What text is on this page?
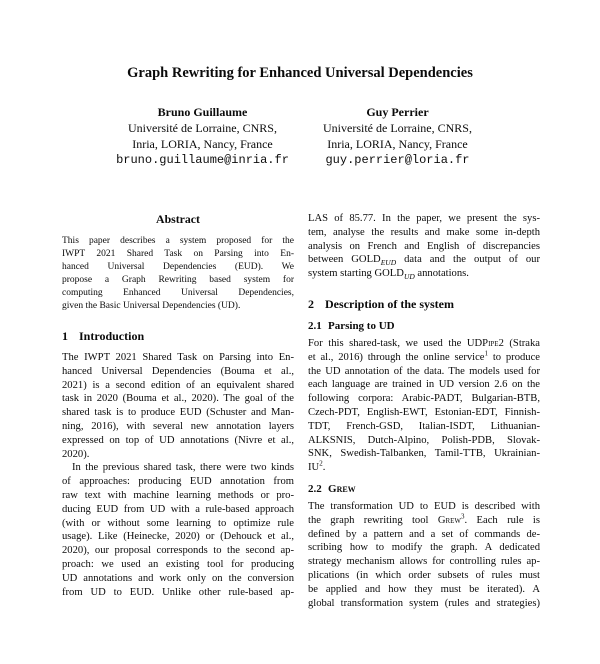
Graph Rewriting for Enhanced Universal Dependencies
Bruno Guillaume
Université de Lorraine, CNRS,
Inria, LORIA, Nancy, France
bruno.guillaume@inria.fr
Guy Perrier
Université de Lorraine, CNRS,
Inria, LORIA, Nancy, France
guy.perrier@loria.fr
Abstract
This paper describes a system proposed for the
IWPT 2021 Shared Task on Parsing into En-
hanced Universal Dependencies (EUD). We
propose a Graph Rewriting based system for
computing Enhanced Universal Dependencies,
given the Basic Universal Dependencies (UD).
1 Introduction
The IWPT 2021 Shared Task on Parsing into En-
hanced Universal Dependencies (Bouma et al.,
2021) is a second edition of an equivalent shared
task in 2020 (Bouma et al., 2020). The goal of the
shared task is to produce EUD (Schuster and Man-
ning, 2016), with several new annotation layers
expressed on top of UD annotations (Nivre et al.,
2020).
In the previous shared task, there were two kinds
of approaches: producing EUD annotation from
raw text with machine learning methods or pro-
ducing EUD from UD with a rule-based approach
(with or without some learning to optimize rule
usage). Like (Heinecke, 2020) or (Dehouck et al.,
2020), our proposal corresponds to the second ap-
proach: we used an existing tool for producing
UD annotations and work only on the conversion
from UD to EUD. Unlike other rule-based ap-
LAS of 85.77. In the paper, we present the sys-
tem, analyse the results and make some in-depth
analysis on French and English of discrepancies
between $GOLD_{EUD}$ data and the output of our
system starting $GOLD_{UD}$ annotations.
2 Description of the system
2.1 Parsing to UD
For this shared-task, we used the UDPipe2 (Straka
et al., 2016) through the online service$^1$ to produce
the UD annotation of the data. The models used for
each language are trained in UD version 2.6 on the
following corpora: Arabic-PADT, Bulgarian-BTB,
Czech-PDT, English-EWT, Estonian-EDT, Finnish-
TDT, French-GSD, Italian-ISDT, Lithuanian-
ALKSNIS, Dutch-Alpino, Polish-PDB, Slovak-
SNK, Swedish-Talbanken, Tamil-TTB, Ukrainian-
$IU^2$.
2.2 Grew
The transformation UD to EUD is described with
the graph rewriting tool Grew$^3$. Each rule is
defined by a pattern and a set of commands de-
scribing how to modify the graph. A dedicated
strategy mechanism allows for controlling rules ap-
plications (in which order subsets of rules must
be applied and how they must be iterated). A
global transformation system (rules and strategies)
